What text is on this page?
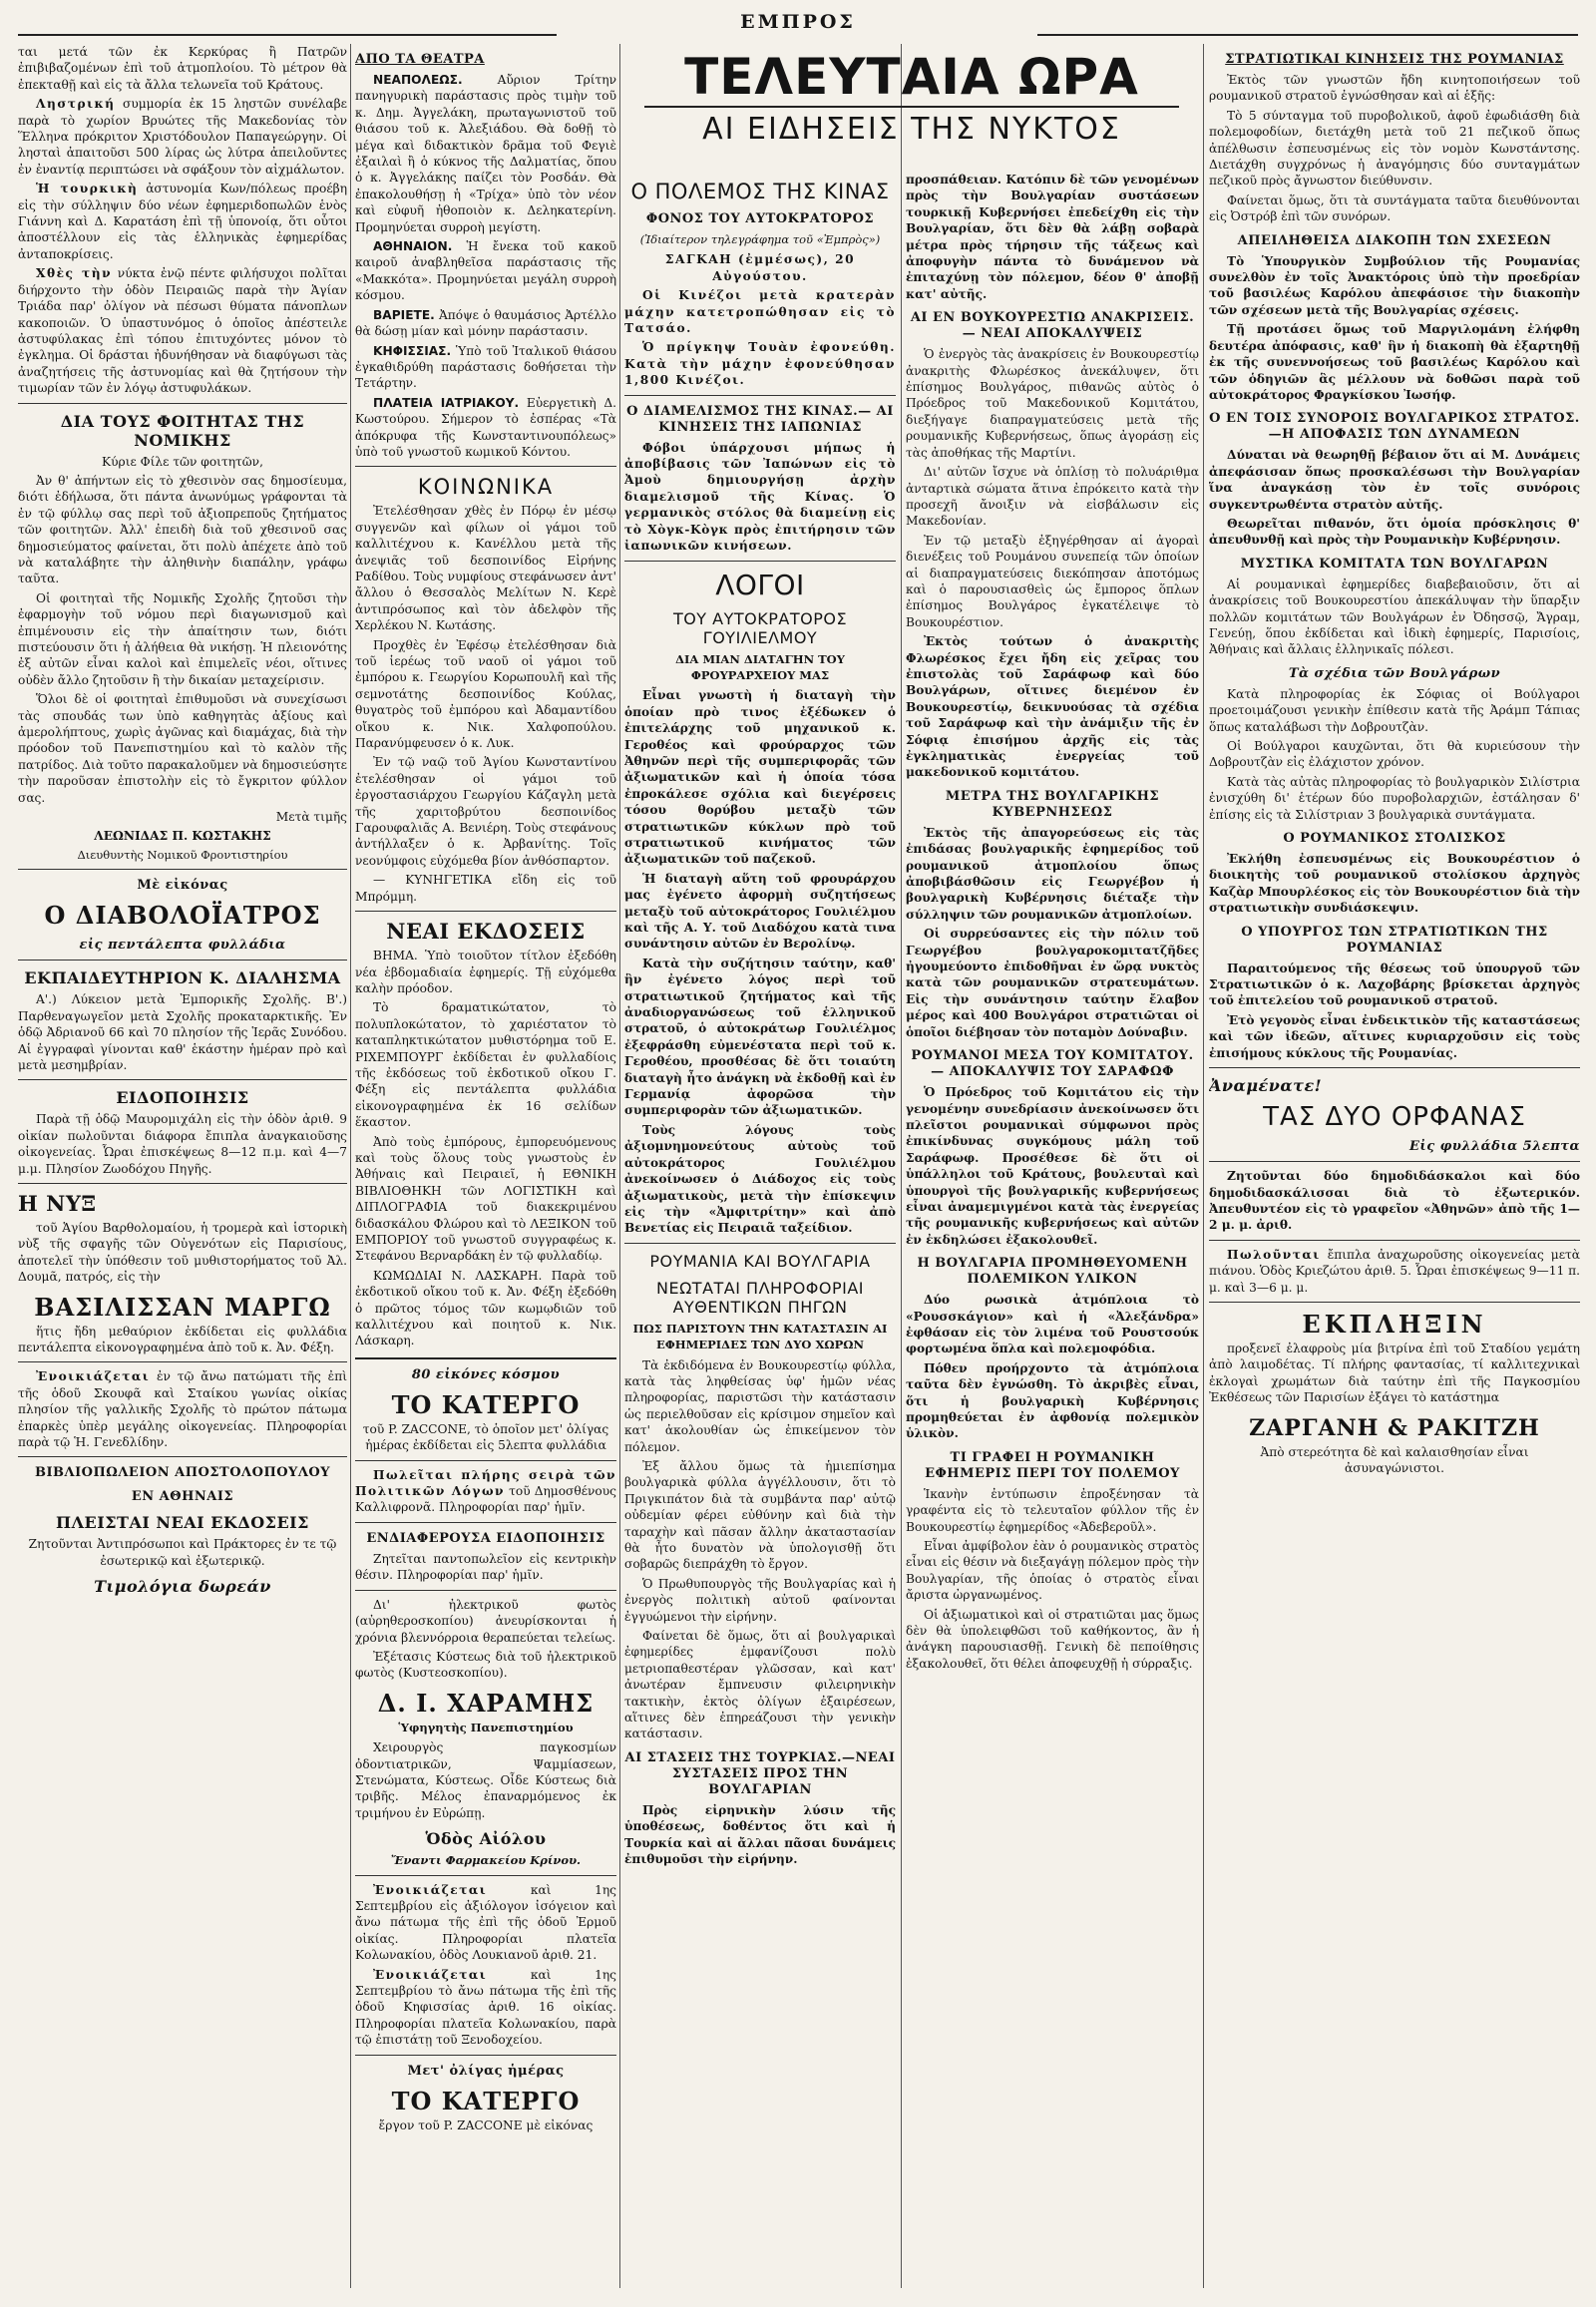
ΕΜΠΡΟΣ

ται μετά τῶν ἐκ Κερκύρας ἢ Πατρῶν ἐπιβιβαζομένων ἐπὶ τοῦ ἀτμοπλοίου. Τὸ μέτρον θὰ ἐπεκταθῇ καὶ εἰς τὰ ἄλλα τελωνεῖα τοῦ Κράτους.

Ληστρική συμμορία ἐκ 15 ληστῶν συνέλαβε παρὰ τὸ χωρίον Βρυώτες τῆς Μακεδονίας τὸν Ἕλληνα πρόκριτον Χριστόδουλον Παπαγεώργην. Οἱ λησταὶ ἀπαιτοῦσι 500 λίρας ὡς λύτρα ἀπειλοῦντες ἐν ἐναντίᾳ περιπτώσει νὰ σφάξουν τὸν αἰχμάλωτον.

Ἡ τουρκικὴ ἀστυνομία Κων/πόλεως προέβη εἰς τὴν σύλληψιν δύο νέων ἐφημεριδοπωλῶν ἑνὸς Γιάννη καὶ Δ. Καρατάση ἐπὶ τῇ ὑπονοίᾳ, ὅτι οὗτοι ἀποστέλλουν εἰς τὰς ἑλληνικὰς ἐφημερίδας ἀνταποκρίσεις.

Χθὲς τὴν νύκτα ἐνῷ πέντε φιλήσυχοι πολῖται διήρχοντο τὴν ὁδὸν Πειραιῶς παρὰ τὴν Ἁγίαν Τριάδα παρ' ὀλίγον νὰ πέσωσι θύματα πάνοπλων κακοποιῶν. Ὁ ὑπαστυνόμος ὁ ὁποῖος ἀπέστειλε ἀστυφύλακας ἐπὶ τόπου ἐπιτυχόντες μόνον τὸ ἐγκλημα. Οἱ δράσται ἠδυνήθησαν νὰ διαφύγωσι τὰς ἀναζητήσεις τῆς ἀστυνομίας καὶ θὰ ζητήσουν τὴν τιμωρίαν τῶν ἐν λόγῳ ἀστυφυλάκων.

ΔΙΑ ΤΟΥΣ ΦΟΙΤΗΤΑΣ ΤΗΣ ΝΟΜΙΚΗΣ

Κύριε Φίλε τῶν φοιτητῶν,

Ἀν θ' ἀπήντων εἰς τὸ χθεσινὸν σας δημοσίευμα, διότι ἐδήλωσα, ὅτι πάντα ἀνωνύμως γράφονται τὰ ἐν τῷ φύλλῳ σας περὶ τοῦ ἀξιοπρεποῦς ζητήματος τῶν φοιτητῶν. Ἀλλ' ἐπειδὴ διὰ τοῦ χθεσινοῦ σας δημοσιεύματος φαίνεται, ὅτι πολὺ ἀπέχετε ἀπὸ τοῦ νὰ καταλάβητε τὴν ἀληθινὴν διαπάλην, γράφω ταῦτα.

Οἱ φοιτηταὶ τῆς Νομικῆς Σχολῆς ζητοῦσι τὴν ἐφαρμογὴν τοῦ νόμου περὶ διαγωνισμοῦ καὶ ἐπιμένουσιν εἰς τὴν ἀπαίτησιν των, διότι πιστεύουσιν ὅτι ἡ ἀλήθεια θὰ νικήσῃ. Ἡ πλειονότης ἐξ αὐτῶν εἶναι καλοὶ καὶ ἐπιμελεῖς νέοι, οἵτινες οὐδὲν ἄλλο ζητοῦσιν ἢ τὴν δικαίαν μεταχείρισιν.

Ὅλοι δὲ οἱ φοιτηταὶ ἐπιθυμοῦσι νὰ συνεχίσωσι τὰς σπουδάς των ὑπὸ καθηγητὰς ἀξίους καὶ ἀμερολήπτους, χωρὶς ἀγῶνας καὶ διαμάχας, διὰ τὴν πρόοδον τοῦ Πανεπιστημίου καὶ τὸ καλὸν τῆς πατρίδος. Διὰ τοῦτο παρακαλοῦμεν νὰ δημοσιεύσητε τὴν παροῦσαν ἐπιστολὴν εἰς τὸ ἔγκριτον φύλλον σας.

Μετὰ τιμῆς

ΛΕΩΝΙΔΑΣ Π. ΚΩΣΤΑΚΗΣ
Διευθυντὴς Νομικοῦ Φροντιστηρίου
Μὲ εἰκόνας
Ο ΔΙΑΒΟΛΟΪΑΤΡΟΣ
εἰς πεντάλεπτα φυλλάδια
ΕΚΠΑΙΔΕΥΤΗΡΙΟΝ Κ. ΔΙΑΛΗΣΜΑ

Α'.) Λύκειον μετὰ Ἐμπορικῆς Σχολῆς. Β'.) Παρθεναγωγεῖον μετὰ Σχολῆς προκαταρκτικῆς. Ἐν ὁδῷ Ἀδριανοῦ 66 καὶ 70 πλησίον τῆς Ἱερᾶς Συνόδου. Αἱ ἐγγραφαὶ γίνονται καθ' ἑκάστην ἡμέραν πρὸ καὶ μετὰ μεσημβρίαν.

ΕΙΔΟΠΟΙΗΣΙΣ

Παρὰ τῇ ὁδῷ Μαυρομιχάλη εἰς τὴν ὁδὸν ἀριθ. 9 οἰκίαν πωλοῦνται διάφορα ἔπιπλα ἀναγκαιοῦσης οἰκογενείας. Ὧραι ἐπισκέψεως 8—12 π.μ. καὶ 4—7 μ.μ. Πλησίον Ζωοδόχου Πηγῆς.

Η ΝΥΞ

τοῦ Ἁγίου Βαρθολομαίου, ἡ τρομερὰ καὶ ἱστορικὴ νὺξ τῆς σφαγῆς τῶν Οὐγενότων εἰς Παρισίους, ἀποτελεῖ τὴν ὑπόθεσιν τοῦ μυθιστορήματος τοῦ Ἀλ. Δουμᾶ, πατρός, εἰς τὴν

ΒΑΣΙΛΙΣΣΑΝ ΜΑΡΓΩ

ἥτις ἤδη μεθαύριον ἐκδίδεται εἰς φυλλάδια πεντάλεπτα εἰκονογραφημένα ἀπὸ τοῦ κ. Ἀν. Φέξη.

Ἐνοικιάζεται ἐν τῷ ἄνω πατώματι τῆς ἐπὶ τῆς ὁδοῦ Σκουφᾶ καὶ Σταίκου γωνίας οἰκίας πλησίον τῆς γαλλικῆς Σχολῆς τὸ πρώτον πάτωμα ἐπαρκὲς ὑπὲρ μεγάλης οἰκογενείας. Πληροφορίαι παρὰ τῷ Ἡ. Γενεδλίδην.

ΒΙΒΛΙΟΠΩΛΕΙΟΝ ΑΠΟΣΤΟΛΟΠΟΥΛΟΥ
ΕΝ ΑΘΗΝΑΙΣ
ΠΛΕΙΣΤΑΙ ΝΕΑΙ ΕΚΔΟΣΕΙΣ

Ζητοῦνται Ἀντιπρόσωποι καὶ Πράκτορες ἐν τε τῷ ἐσωτερικῷ καὶ ἐξωτερικῷ.

Τιμολόγια δωρεάν
ΑΠΟ ΤΑ ΘΕΑΤΡΑ

ΝΕΑΠΟΛΕΩΣ.	Αὔριον Τρίτην πανηγυρικὴ παράστασις πρὸς τιμὴν τοῦ κ. Δημ. Ἀγγελάκη, πρωταγωνιστοῦ τοῦ θιάσου τοῦ κ. Ἀλεξιάδου. Θὰ δοθῇ τὸ μέγα καὶ διδακτικὸν δρᾶμα τοῦ Φεγιὲ ἐξαιλαὶ ἢ ὁ κύκνος τῆς Δαλματίας, ὅπου ὁ κ. Ἀγγελάκης παίζει τὸν Ροσδάν. Θὰ ἐπακολουθήσῃ ἡ «Τρίχα» ὑπὸ τὸν νέον καὶ εὐφυῆ ἠθοποιὸν κ. Δεληκατερίνη. Προμηνύεται συρροὴ μεγίστη.

ΑΘΗΝΑΙΟΝ. Ἡ ἔνεκα τοῦ κακοῦ καιροῦ ἀναβληθεῖσα παράστασις τῆς «Μακκότα». Προμηνύεται μεγάλη συρροὴ κόσμου.

ΒΑΡΙΕΤΕ. Ἀπόψε ὁ θαυμάσιος Ἀρτέλλο θὰ δώσῃ μίαν καὶ μόνην παράστασιν.

ΚΗΦΙΣΣΙΑΣ. Ὑπὸ τοῦ Ἰταλικοῦ θιάσου ἐγκαθιδρύθη παράστασις δοθήσεται τὴν Τετάρτην.

ΠΛΑΤΕΙΑ ΙΑΤΡΙΑΚΟΥ. Εὐεργετικὴ Δ. Κωστούρου. Σήμερον τὸ ἐσπέρας «Τὰ ἀπόκρυφα τῆς Κωνσταντινουπόλεως» ὑπὸ τοῦ γνωστοῦ κωμικοῦ Κόντου.

ΚΟΙΝΩΝΙΚΑ

Ἐτελέσθησαν χθὲς ἐν Πόρῳ ἐν μέσῳ συγγενῶν καὶ φίλων οἱ γάμοι τοῦ καλλιτέχνου κ. Κανέλλου μετὰ τῆς ἀνεψιᾶς τοῦ δεσποινίδος Εἰρήνης Ραδίθου. Τοὺς νυμφίους στεφάνωσεν ἀντ' ἄλλου ὁ Θεσσαλὸς Μελίτων Ν. Κερὲ ἀντιπρόσωπος καὶ τὸν ἀδελφὸν τῆς Χερλέκου Ν. Κωτάσης.

Προχθὲς ἐν Ἐφέσῳ ἐτελέσθησαν διὰ τοῦ ἱερέως τοῦ ναοῦ οἱ γάμοι τοῦ ἐμπόρου κ. Γεωργίου Κορωπουλῆ καὶ τῆς σεμνοτάτης δεσποινίδος Κούλας, θυγατρὸς τοῦ ἐμπόρου καὶ Ἀδαμαντίδου οἴκου κ. Νικ. Χαλφοπούλου. Παρανύμφευσεν ὁ κ. Λυκ.

Ἐν τῷ ναῷ τοῦ Ἁγίου Κωνσταντίνου ἐτελέσθησαν οἱ γάμοι τοῦ ἐργοστασιάρχου Γεωργίου Κάζαγλη μετὰ τῆς χαριτοβρύτου δεσποινίδος Γαρουφαλιᾶς Α. Βενιέρη. Τοὺς στεφάνους ἀντήλλαξεν ὁ κ. Ἀρβανίτης. Τοῖς νεονύμφοις εὐχόμεθα βίον ἀνθόσπαρτον.

— ΚΥΝΗΓΕΤΙΚΑ εἴδη εἰς τοῦ Μπρόμμη.

ΝΕΑΙ ΕΚΔΟΣΕΙΣ

ΒΗΜΑ. Ὑπὸ τοιοῦτον τίτλον ἐξεδόθη νέα ἑβδομαδιαία ἐφημερίς. Τῇ εὐχόμεθα καλὴν πρόοδον.

Τὸ δραματικώτατον, τὸ πολυπλοκώτατον, τὸ χαριέστατον τὸ καταπληκτικώτατον μυθιστόρημα τοῦ Ε. ΡΙΧΕΜΠΟΥΡΓ ἐκδίδεται ἐν φυλλαδίοις τῆς ἐκδόσεως τοῦ ἐκδοτικοῦ οἴκου Γ. Φέξη εἰς πεντάλεπτα φυλλάδια εἰκονογραφημένα ἐκ 16 σελίδων ἕκαστον.

Ἀπὸ τοὺς ἐμπόρους, ἐμπορευόμενους καὶ τοὺς ὅλους τοὺς γνωστοὺς ἐν Ἀθήναις καὶ Πειραιεῖ, ἡ ΕΘΝΙΚΗ ΒΙΒΛΙΟΘΗΚΗ τῶν ΛΟΓΙΣΤΙΚΗ καὶ ΔΙΠΛΟΓΡΑΦΙΑ τοῦ διακεκριμένου διδασκάλου Φλώρου καὶ τὸ ΛΕΞΙΚΟΝ τοῦ ΕΜΠΟΡΙΟΥ τοῦ γνωστοῦ συγγραφέως κ. Στεφάνου Βερναρδάκη ἐν τῷ φυλλαδίῳ.

ΚΩΜΩΔΙΑΙ Ν. ΛΑΣΚΑΡΗ. Παρὰ τοῦ ἐκδοτικοῦ οἴκου τοῦ κ. Ἀν. Φέξη ἐξεδόθη ὁ πρῶτος τόμος τῶν κωμῳδιῶν τοῦ καλλιτέχνου καὶ ποιητοῦ κ. Νικ. Λάσκαρη.

80 εἰκόνες κόσμου
ΤΟ ΚΑΤΕΡΓΟ

τοῦ P. ZACCONE, τὸ ὁποῖον μετ' ὀλίγας ἡμέρας ἐκδίδεται εἰς 5λεπτα φυλλάδια

Πωλεῖται πλήρης σειρὰ τῶν Πολιτικῶν Λόγων τοῦ Δημοσθένους Καλλιφρονᾶ. Πληροφορίαι παρ' ἡμῖν.

ΕΝΔΙΑΦΕΡΟΥΣΑ ΕΙΔΟΠΟΙΗΣΙΣ

Ζητεῖται παντοπωλεῖον εἰς κεντρικὴν θέσιν. Πληροφορίαι παρ' ἡμῖν.

Δι' ἠλεκτρικοῦ φωτὸς (αὐρηθεροσκοπίου) ἀνευρίσκονται ἡ χρόνια βλεννόρροια θεραπεύεται τελείως.

Ἐξέτασις Κύστεως διὰ τοῦ ἠλεκτρικοῦ φωτὸς (Κυστεοσκοπίου).

Δ. Ι. ΧΑΡΑΜΗΣ
Ὑφηγητὴς Πανεπιστημίου

Χειρουργὸς παγκοσμίων ὀδοντιατρικῶν, Ψαμμίασεων, Στενώματα, Κύστεως. Οἶδε Κύστεως διὰ τριβῆς. Μέλος ἐπαναρμόμενος ἐκ τριμήνου ἐν Εὐρώπῃ.

Ὁδὸς Αἰόλου
Ἔναντι Φαρμακείου Κρίνου.

Ἐνοικιάζεται	καὶ 1ης Σεπτεμβρίου εἰς ἀξιόλογον ἰσόγειον καὶ ἄνω πάτωμα τῆς ἐπὶ τῆς ὁδοῦ Ἐρμοῦ οἰκίας. Πληροφορίαι πλατεῖα Κολωνακίου, ὁδὸς Λουκιανοῦ ἀριθ. 21.

Ἐνοικιάζεται	καὶ 1ης Σεπτεμβρίου τὸ ἄνω πάτωμα τῆς ἐπὶ τῆς ὁδοῦ Κηφισσίας ἀριθ. 16 οἰκίας. Πληροφορίαι πλατεῖα Κολωνακίου, παρὰ τῷ ἐπιστάτῃ τοῦ Ξενοδοχείου.

Μετ' ὀλίγας ἡμέρας
ΤΟ ΚΑΤΕΡΓΟ

ἔργον τοῦ P. ZACCONE μὲ εἰκόνας

ΤΕΛΕΥΤΑΙΑ ΩΡΑ
ΑΙ ΕΙΔΗΣΕΙΣ ΤΗΣ ΝΥΚΤΟΣ
Ο ΠΟΛΕΜΟΣ ΤΗΣ ΚΙΝΑΣ
ΦΟΝΟΣ ΤΟΥ ΑΥΤΟΚΡΑΤΟΡΟΣ
(Ἰδιαίτερον τηλεγράφημα τοῦ «Ἐμπρὸς»)

ΣΑΓΚΑΗ (ἐμμέσως), 20 Αὐγούστου.

Οἱ Κινέζοι μετὰ κρατερὰν μάχην κατετροπώθησαν εἰς τὸ Τατσάο.

Ὁ πρίγκηψ Τουὰν ἐφονεύθη. Κατὰ τὴν μάχην ἐφονεύθησαν 1,800 Κινέζοι.

Ο ΔΙΑΜΕΛΙΣΜΟΣ ΤΗΣ ΚΙΝΑΣ.— ΑΙ ΚΙΝΗΣΕΙΣ ΤΗΣ ΙΑΠΩΝΙΑΣ

Φόβοι ὑπάρχουσι μήπως ἡ ἀποβίβασις τῶν Ἰαπώνων εἰς τὸ Ἀμοὺ δημιουργήσῃ ἀρχὴν διαμελισμοῦ τῆς Κίνας. Ὁ γερμανικὸς στόλος θὰ διαμείνῃ εἰς τὸ Χὸγκ-Κὸγκ πρὸς ἐπιτήρησιν τῶν ἰαπωνικῶν κινήσεων.

ΛΟΓΟΙ
ΤΟΥ ΑΥΤΟΚΡΑΤΟΡΟΣ ΓΟΥΙΛΙΕΛΜΟΥ
ΔΙΑ ΜΙΑΝ ΔΙΑΤΑΓΗΝ ΤΟΥ ΦΡΟΥΡΑΡΧΕΙΟΥ ΜΑΣ

Εἶναι γνωστὴ ἡ διαταγὴ τὴν ὁποίαν πρὸ τινος ἐξέδωκεν ὁ ἐπιτελάρχης τοῦ μηχανικοῦ κ. Γεροθέος καὶ φρούραρχος τῶν Ἀθηνῶν περὶ τῆς συμπεριφορᾶς τῶν ἀξιωματικῶν καὶ ἡ ὁποία τόσα ἐπροκάλεσε σχόλια καὶ διεγέρσεις τόσου θορύβου μεταξὺ τῶν στρατιωτικῶν κύκλων πρὸ τοῦ στρατιωτικοῦ κινήματος τῶν ἀξιωματικῶν τοῦ παζεκοῦ.

Ἡ διαταγὴ αὕτη τοῦ φρουράρχου μας ἐγένετο ἀφορμὴ συζητήσεως μεταξὺ τοῦ αὐτοκράτορος Γουλιέλμου καὶ τῆς Α. Υ. τοῦ Διαδόχου κατὰ τινα συνάντησιν αὐτῶν ἐν Βερολίνῳ.

Κατὰ τὴν συζήτησιν ταύτην, καθ' ἣν ἐγένετο λόγος περὶ τοῦ στρατιωτικοῦ ζητήματος καὶ τῆς ἀναδιοργανώσεως τοῦ ἑλληνικοῦ στρατοῦ, ὁ αὐτοκράτωρ Γουλιέλμος ἐξεφράσθη εὐμενέστατα περὶ τοῦ κ. Γεροθέου, προσθέσας δὲ ὅτι τοιαύτη διαταγὴ ἦτο ἀνάγκη νὰ ἐκδοθῇ καὶ ἐν Γερμανίᾳ ἀφορῶσα τὴν συμπεριφορὰν τῶν ἀξιωματικῶν.

Τοὺς λόγους τοὺς ἀξιομνημονεύτους αὐτοὺς τοῦ αὐτοκράτορος Γουλιέλμου ἀνεκοίνωσεν ὁ Διάδοχος εἰς τοὺς ἀξιωματικοὺς, μετὰ τὴν ἐπίσκεψιν εἰς τὴν «Ἀμφιτρίτην» καὶ ἀπὸ Βενετίας εἰς Πειραιᾶ ταξείδιον.

ΡΟΥΜΑΝΙΑ ΚΑΙ ΒΟΥΛΓΑΡΙΑ
ΝΕΩΤΑΤΑΙ ΠΛΗΡΟΦΟΡΙΑΙ ΑΥΘΕΝΤΙΚΩΝ ΠΗΓΩΝ
ΠΩΣ ΠΑΡΙΣΤΟΥΝ ΤΗΝ ΚΑΤΑΣΤΑΣΙΝ ΑΙ ΕΦΗΜΕΡΙΔΕΣ ΤΩΝ ΔΥΟ ΧΩΡΩΝ

Τὰ ἐκδιδόμενα ἐν Βουκουρεστίῳ φύλλα, κατὰ τὰς ληφθείσας ὑφ' ἡμῶν νέας πληροφορίας, παριστῶσι τὴν κατάστασιν ὡς περιελθοῦσαν εἰς κρίσιμον σημεῖον καὶ κατ' ἀκολουθίαν ὡς ἐπικείμενον τὸν πόλεμον.

Ἐξ ἄλλου ὅμως τὰ ἡμιεπίσημα βουλγαρικὰ φύλλα ἀγγέλλουσιν, ὅτι τὸ Πριγκιπάτον διὰ τὰ συμβάντα παρ' αὐτῷ οὐδεμίαν φέρει εὐθύνην καὶ διὰ τὴν ταραχὴν καὶ πᾶσαν ἄλλην ἀκαταστασίαν θὰ ἦτο δυνατὸν νὰ ὑπολογισθῇ ὅτι σοβαρῶς διεπράχθη τὸ ἔργον.

Ὁ Πρωθυπουργὸς τῆς Βουλγαρίας καὶ ἡ ἐνεργὸς πολιτικὴ αὐτοῦ φαίνονται ἐγγυώμενοι τὴν εἰρήνην.

Φαίνεται δὲ ὅμως, ὅτι αἱ βουλγαρικαὶ ἐφημερίδες ἐμφανίζουσι πολὺ μετριοπαθεστέραν γλῶσσαν, καὶ κατ' ἀνωτέραν ἔμπνευσιν φιλειρηνικὴν τακτικὴν, ἐκτὸς ὀλίγων ἐξαιρέσεων, αἵτινες δὲν ἐπηρεάζουσι τὴν γενικὴν κατάστασιν.

ΑΙ ΣΤΑΣΕΙΣ ΤΗΣ ΤΟΥΡΚΙΑΣ.—ΝΕΑΙ ΣΥΣΤΑΣΕΙΣ ΠΡΟΣ ΤΗΝ ΒΟΥΛΓΑΡΙΑΝ

Πρὸς εἰρηνικὴν λύσιν τῆς ὑποθέσεως, δοθέντος ὅτι καὶ ἡ Τουρκία καὶ αἱ ἄλλαι πᾶσαι δυνάμεις ἐπιθυμοῦσι τὴν εἰρήνην.

προσπάθειαν. Κατόπιν δὲ τῶν γενομένων πρὸς τὴν Βουλγαρίαν συστάσεων τουρκικῇ Κυβερνήσει ἐπεδείχθη εἰς τὴν Βουλγαρίαν, ὅτι δὲν θὰ λάβῃ σοβαρὰ μέτρα πρὸς τήρησιν τῆς τάξεως καὶ ἀποφυγὴν πάντα τὸ δυνάμενον νὰ ἐπιταχύνῃ τὸν πόλεμον, δέον θ' ἀποβῇ κατ' αὐτῆς.

ΑΙ ΕΝ ΒΟΥΚΟΥΡΕΣΤΙΩ ΑΝΑΚΡΙΣΕΙΣ. — ΝΕΑΙ ΑΠΟΚΑΛΥΨΕΙΣ

Ὁ ἐνεργὸς τὰς ἀνακρίσεις ἐν Βουκουρεστίῳ ἀνακριτὴς Φλωρέσκος ἀνεκάλυψεν, ὅτι ἐπίσημος Βουλγάρος, πιθανῶς αὐτὸς ὁ Πρόεδρος τοῦ Μακεδονικοῦ Κομιτάτου, διεξήγαγε διαπραγματεύσεις μετὰ τῆς ρουμανικῆς Κυβερνήσεως, ὅπως ἀγοράσῃ εἰς τὰς ἀποθήκας τῆς Μαρτίνι.

Δι' αὐτῶν ἴσχυε νὰ ὁπλίσῃ τὸ πολυάριθμα ἀνταρτικὰ σώματα ἅτινα ἐπρόκειτο κατὰ τὴν προσεχῆ ἄνοιξιν νὰ εἰσβάλωσιν εἰς Μακεδονίαν.

Ἐν τῷ μεταξὺ ἐξηγέρθησαν αἱ ἀγοραὶ διενέξεις τοῦ Ρουμάνου συνεπείᾳ τῶν ὁποίων αἱ διαπραγματεύσεις διεκόπησαν ἀποτόμως καὶ ὁ παρουσιασθεὶς ὡς ἔμπορος ὅπλων ἐπίσημος Βουλγάρος ἐγκατέλειψε τὸ Βουκουρέστιον.

Ἐκτὸς τούτων ὁ ἀνακριτὴς Φλωρέσκος ἔχει ἤδη εἰς χεῖρας του ἐπιστολὰς τοῦ Σαράφωφ καὶ δύο Βουλγάρων, οἵτινες διεμένον ἐν Βουκουρεστίῳ, δεικνυούσας τὰ σχέδια τοῦ Σαράφωφ καὶ τὴν ἀνάμιξιν τῆς ἐν Σόφιᾳ ἐπισήμου ἀρχῆς εἰς τὰς ἐγκληματικὰς ἐνεργείας τοῦ μακεδονικοῦ κομιτάτου.

ΜΕΤΡΑ ΤΗΣ ΒΟΥΛΓΑΡΙΚΗΣ ΚΥΒΕΡΝΗΣΕΩΣ

Ἐκτὸς τῆς ἀπαγορεύσεως εἰς τὰς ἐπιδάσας βουλγαρικῆς ἐφημερίδος τοῦ ρουμανικοῦ ἀτμοπλοίου ὅπως ἀποβιβάσθῶσιν εἰς Γεωργέβον ἡ βουλγαρικὴ Κυβέρνησις διέταξε τὴν σύλληψιν τῶν ρουμανικῶν ἀτμοπλοίων.

Οἱ συρρεύσαντες εἰς τὴν πόλιν τοῦ Γεωργέβου βουλγαροκομιτατζῆδες ἠγουμεύοντο ἐπιδοθῆναι ἐν ὥρᾳ νυκτὸς κατὰ τῶν ρουμανικῶν στρατευμάτων. Εἰς τὴν συνάντησιν ταύτην ἔλαβον μέρος καὶ 400 Βουλγάροι στρατιῶται οἱ ὁποῖοι διέβησαν τὸν ποταμὸν Δούναβιν.

ΡΟΥΜΑΝΟΙ ΜΕΣΑ ΤΟΥ ΚΟΜΙΤΑΤΟΥ. — ΑΠΟΚΑΛΥΨΙΣ ΤΟΥ ΣΑΡΑΦΩΦ

Ὁ Πρόεδρος τοῦ Κομιτάτου εἰς τὴν γενομένην συνεδρίασιν ἀνεκοίνωσεν ὅτι πλεῖστοι ρουμανικαὶ σύμφωνοι πρὸς ἐπικίνδυνας συγκόμους μάλη τοῦ Σαράφωφ. Προσέθεσε δὲ ὅτι οἱ ὑπάλληλοι τοῦ Κράτους, βουλευταὶ καὶ ὑπουργοὶ τῆς βουλγαρικῆς κυβερνήσεως εἶναι ἀναμεμιγμένοι κατὰ τὰς ἐνεργείας τῆς ρουμανικῆς κυβερνήσεως καὶ αὐτῶν ἐν ἐκδηλώσει ἐξακολουθεῖ.

Η ΒΟΥΛΓΑΡΙΑ ΠΡΟΜΗΘΕΥΟΜΕΝΗ ΠΟΛΕΜΙΚΟΝ ΥΛΙΚΟΝ

Δύο ρωσικὰ ἀτμόπλοια τὸ «Ρουσσκάγιον» καὶ ἡ «Ἀλεξάνδρα» ἐφθάσαν εἰς τὸν λιμένα τοῦ Ρουστσούκ φορτωμένα ὅπλα καὶ πολεμοφόδια.

Πόθεν προήρχοντο τὰ ἀτμόπλοια ταῦτα δὲν ἐγνώσθη. Τὸ ἀκριβὲς εἶναι, ὅτι ἡ βουλγαρικὴ Κυβέρνησις προμηθεύεται ἐν ἀφθονίᾳ πολεμικὸν ὑλικὸν.

ΤΙ ΓΡΑΦΕΙ Η ΡΟΥΜΑΝΙΚΗ ΕΦΗΜΕΡΙΣ ΠΕΡΙ ΤΟΥ ΠΟΛΕΜΟΥ

Ἱκανὴν ἐντύπωσιν ἐπροξένησαν τὰ γραφέντα εἰς τὸ τελευταῖον φύλλον τῆς ἐν Βουκουρεστίῳ ἐφημερίδος «Ἀδεβεροῦλ».

Εἶναι ἀμφίβολον ἐὰν ὁ ρουμανικὸς στρατὸς εἶναι εἰς θέσιν νὰ διεξαγάγῃ πόλεμον πρὸς τὴν Βουλγαρίαν, τῆς ὁποίας ὁ στρατὸς εἶναι ἄριστα ὠργανωμένος.

Οἱ ἀξιωματικοὶ καὶ οἱ στρατιῶται μας ὅμως δὲν θὰ ὑπολειφθῶσι τοῦ καθήκοντος, ἂν ἡ ἀνάγκη παρουσιασθῇ. Γενικὴ δὲ πεποίθησις ἐξακολουθεῖ, ὅτι θέλει ἀποφευχθῇ ἡ σύρραξις.

ΣΤΡΑΤΙΩΤΙΚΑΙ ΚΙΝΗΣΕΙΣ ΤΗΣ ΡΟΥΜΑΝΙΑΣ

Ἐκτὸς τῶν γνωστῶν ἤδη κινητοποιήσεων τοῦ ρουμανικοῦ στρατοῦ ἐγνώσθησαν καὶ αἱ ἑξῆς:

Τὸ 5 σύνταγμα τοῦ πυροβολικοῦ, ἀφοῦ ἐφωδιάσθη διὰ πολεμοφοδίων, διετάχθη μετὰ τοῦ 21 πεζικοῦ ὅπως ἀπέλθωσιν ἐσπευσμένως εἰς τὸν νομὸν Κωνστάντσης. Διετάχθη συγχρόνως ἡ ἀναγόμησις δύο συνταγμάτων πεζικοῦ πρὸς ἄγνωστον διεύθυνσιν.

Φαίνεται ὅμως, ὅτι τὰ συντάγματα ταῦτα διευθύνονται εἰς Ὀστρόβ ἐπὶ τῶν συνόρων.

ΑΠΕΙΛΗΘΕΙΣΑ ΔΙΑΚΟΠΗ ΤΩΝ ΣΧΕΣΕΩΝ

Τὸ Ὑπουργικὸν Συμβούλιον τῆς Ρουμανίας συνελθὸν ἐν τοῖς Ἀνακτόροις ὑπὸ τὴν προεδρίαν τοῦ βασιλέως Καρόλου ἀπεφάσισε τὴν διακοπὴν τῶν σχέσεων μετὰ τῆς Βουλγαρίας σχέσεις.

Τῇ προτάσει ὅμως τοῦ Μαργιλομάνη ἐλήφθη δευτέρα ἀπόφασις, καθ' ἣν ἡ διακοπὴ θὰ ἐξαρτηθῇ ἐκ τῆς συνεννοήσεως τοῦ βασιλέως Καρόλου καὶ τῶν ὁδηγιῶν ἃς μέλλουν νὰ δοθῶσι παρὰ τοῦ αὐτοκράτορος Φραγκίσκου Ἰωσήφ.

Ο ΕΝ ΤΟΙΣ ΣΥΝΟΡΟΙΣ ΒΟΥΛΓΑΡΙΚΟΣ ΣΤΡΑΤΟΣ.—Η ΑΠΟΦΑΣΙΣ ΤΩΝ ΔΥΝΑΜΕΩΝ

Δύναται νὰ θεωρηθῇ βέβαιον ὅτι αἱ Μ. Δυνάμεις ἀπεφάσισαν ὅπως προσκαλέσωσι τὴν Βουλγαρίαν ἵνα ἀναγκάσῃ τὸν ἐν τοῖς συνόροις συγκεντρωθέντα στρατὸν αὐτῆς.

Θεωρεῖται πιθανόν, ὅτι ὁμοία πρόσκλησις θ' ἀπευθυνθῇ καὶ πρὸς τὴν Ρουμανικὴν Κυβέρνησιν.

ΜΥΣΤΙΚΑ ΚΟΜΙΤΑΤΑ ΤΩΝ ΒΟΥΛΓΑΡΩΝ

Αἱ ρουμανικαὶ ἐφημερίδες διαβεβαιοῦσιν, ὅτι αἱ ἀνακρίσεις τοῦ Βουκουρεστίου ἀπεκάλυψαν τὴν ὕπαρξιν πολλῶν κομιτάτων τῶν Βουλγάρων ἐν Ὀδησσῷ, Ἄγραμ, Γενεύῃ, ὅπου ἐκδίδεται καὶ ἰδικὴ ἐφημερίς, Παρισίοις, Ἀθήναις καὶ ἄλλαις ἐλληνικαῖς πόλεσι.

Τὰ σχέδια τῶν Βουλγάρων

Κατὰ πληροφορίας ἐκ Σόφιας οἱ Βούλγαροι προετοιμάζουσι γενικὴν ἐπίθεσιν κατὰ τῆς Ἀράμπ Τάπιας ὅπως καταλάβωσι τὴν Δοβρουτζὰν.

Οἱ Βούλγαροι καυχῶνται, ὅτι θὰ κυριεύσουν τὴν Δοβρουτζὰν εἰς ἐλάχιστον χρόνον.

Κατὰ τὰς αὐτὰς πληροφορίας τὸ βουλγαρικὸν Σιλίστρια ἐνισχύθη δι' ἑτέρων δύο πυροβολαρχιῶν, ἐστάλησαν δ' ἐπίσης εἰς τὰ Σιλίστριαν 3 βουλγαρικὰ συντάγματα.

Ο ΡΟΥΜΑΝΙΚΟΣ ΣΤΟΛΙΣΚΟΣ

Ἐκλήθη ἐσπευσμένως εἰς Βουκουρέστιον ὁ διοικητὴς τοῦ ρουμανικοῦ στολίσκου ἀρχηγὸς Καζὰρ Μπουρλέσκος εἰς τὸν Βουκουρέστιον διὰ τὴν στρατιωτικὴν συνδιάσκεψιν.

Ο ΥΠΟΥΡΓΟΣ ΤΩΝ ΣΤΡΑΤΙΩΤΙΚΩΝ ΤΗΣ ΡΟΥΜΑΝΙΑΣ

Παραιτούμενος τῆς θέσεως τοῦ ὑπουργοῦ τῶν Στρατιωτικῶν ὁ κ. Λαχοβάρης βρίσκεται ἀρχηγὸς τοῦ ἐπιτελείου τοῦ ρουμανικοῦ στρατοῦ.

Ἐτὸ γεγονὸς εἶναι ἐνδεικτικὸν τῆς καταστάσεως καὶ τῶν ἰδεῶν, αἵτινες κυριαρχοῦσιν εἰς τοὺς ἐπισήμους κύκλους τῆς Ρουμανίας.

Ἀναμένατε!
ΤΑΣ ΔΥΟ ΟΡΦΑΝΑΣ
Εἰς φυλλάδια 5λεπτα

Ζητοῦνται δύο δημοδιδάσκαλοι καὶ δύο δημοδιδασκάλισσαι διὰ τὸ ἐξωτερικόν. Ἀπευθυντέον εἰς τὸ γραφεῖον «Ἀθηνῶν» ἀπὸ τῆς 1—2 μ. μ. ἀριθ.

Πωλοῦνται ἔπιπλα ἀναχωροῦσης οἰκογενείας μετὰ πιάνου. Ὁδὸς Κριεζώτου ἀριθ. 5. Ὧραι ἐπισκέψεως 9—11 π. μ. καὶ 3—6 μ. μ.

ΕΚΠΛΗΞΙΝ

προξενεῖ ἐλαφροὺς μία βιτρίνα ἐπὶ τοῦ Σταδίου γεμάτη ἀπὸ λαιμοδέτας. Τί πλήρης φαντασίας, τί καλλιτεχνικαὶ ἐκλογαὶ χρωμάτων διὰ ταύτην ἐπὶ τῆς Παγκοσμίου Ἐκθέσεως τῶν Παρισίων ἐξάγει τὸ κατάστημα

ΖΑΡΓΑΝΗ & ΡΑΚΙΤΖΗ

Ἀπὸ στερεότητα δὲ καὶ καλαισθησίαν εἶναι ἀσυναγώνιστοι.
